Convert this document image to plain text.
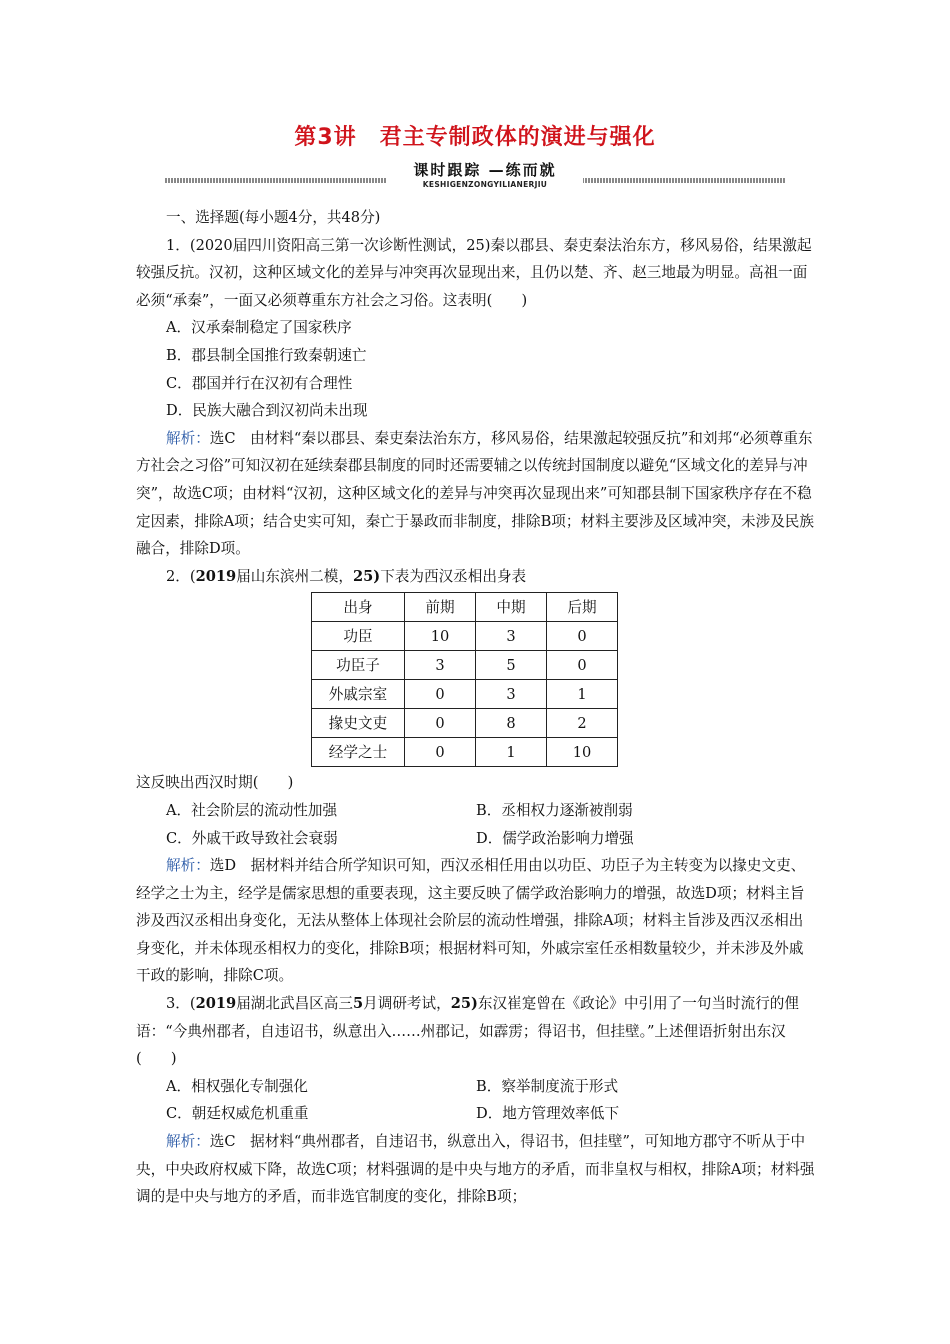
第3讲　君主专制政体的演进与强化
课时跟踪 —练而就
KESHIGENZONGYILIANERJIU

一、选择题(每小题4分，共48分)

1．(2020届四川资阳高三第一次诊断性测试，25)秦以郡县、秦吏秦法治东方，移风易俗，结果激起较强反抗。汉初，这种区域文化的差异与冲突再次显现出来，且仍以楚、齐、赵三地最为明显。高祖一面必须“承秦”，一面又必须尊重东方社会之习俗。这表明(　　)

A．汉承秦制稳定了国家秩序

B．郡县制全国推行致秦朝速亡

C．郡国并行在汉初有合理性

D．民族大融合到汉初尚未出现

解析：选C　由材料“秦以郡县、秦吏秦法治东方，移风易俗，结果激起较强反抗”和刘邦“必须尊重东方社会之习俗”可知汉初在延续秦郡县制度的同时还需要辅之以传统封国制度以避免“区域文化的差异与冲突”，故选C项；由材料“汉初，这种区域文化的差异与冲突再次显现出来”可知郡县制下国家秩序存在不稳定因素，排除A项；结合史实可知，秦亡于暴政而非制度，排除B项；材料主要涉及区域冲突，未涉及民族融合，排除D项。

2．(2019届山东滨州二模，25)下表为西汉丞相出身表

出身	前期	中期	后期
功臣	10	3	0
功臣子	3	5	0
外戚宗室	0	3	1
掾史文吏	0	8	2
经学之士	0	1	10

这反映出西汉时期(　　)

A．社会阶层的流动性加强	B．丞相权力逐渐被削弱
C．外戚干政导致社会衰弱	D．儒学政治影响力增强

解析：选D　据材料并结合所学知识可知，西汉丞相任用由以功臣、功臣子为主转变为以掾史文吏、经学之士为主，经学是儒家思想的重要表现，这主要反映了儒学政治影响力的增强，故选D项；材料主旨涉及西汉丞相出身变化，无法从整体上体现社会阶层的流动性增强，排除A项；材料主旨涉及西汉丞相出身变化，并未体现丞相权力的变化，排除B项；根据材料可知，外戚宗室任丞相数量较少，并未涉及外戚干政的影响，排除C项。

3．(2019届湖北武昌区高三5月调研考试，25)东汉崔寔曾在《政论》中引用了一句当时流行的俚语：“今典州郡者，自违诏书，纵意出入……州郡记，如霹雳；得诏书，但挂壁。”上述俚语折射出东汉(　　)

A．相权强化专制强化	B．察举制度流于形式
C．朝廷权威危机重重	D．地方管理效率低下

解析：选C　据材料“典州郡者，自违诏书，纵意出入，得诏书，但挂壁”，可知地方郡守不听从于中央，中央政府权威下降，故选C项；材料强调的是中央与地方的矛盾，而非皇权与相权，排除A项；材料强调的是中央与地方的矛盾，而非选官制度的变化，排除B项；
